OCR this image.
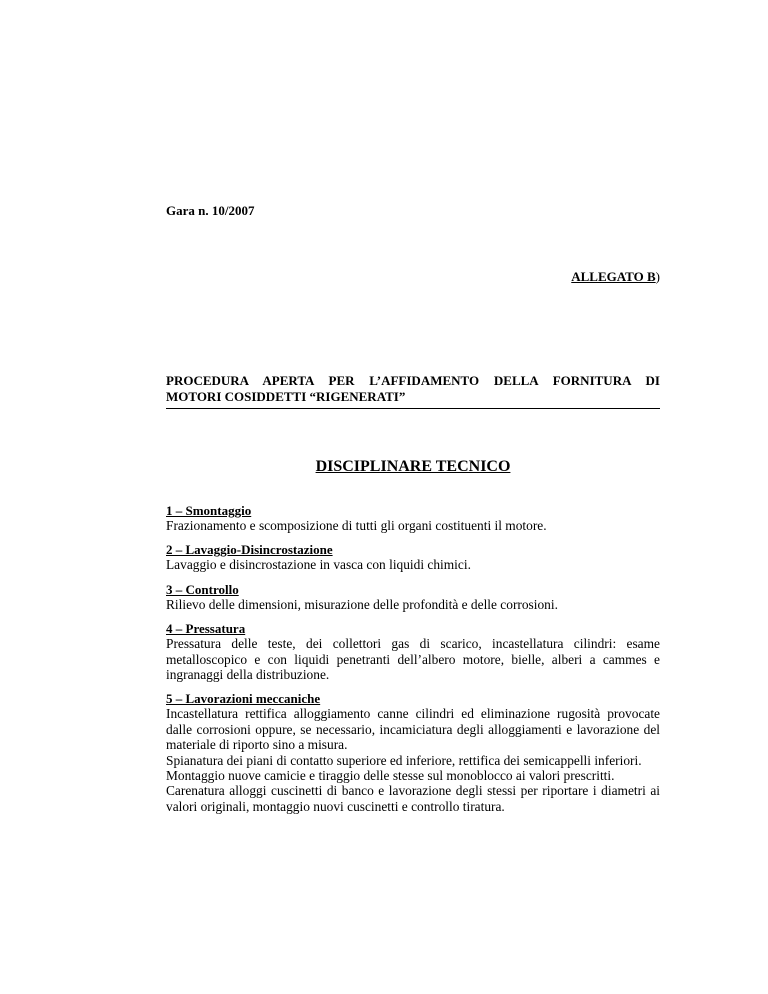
Gara n. 10/2007

ALLEGATO B)

PROCEDURA APERTA PER L’AFFIDAMENTO DELLA FORNITURA DI
MOTORI COSIDDETTI “RIGENERATI”

DISCIPLINARE TECNICO
1 – Smontaggio

Frazionamento e scomposizione di tutti gli organi costituenti il motore.

2 – Lavaggio-Disincrostazione

Lavaggio e disincrostazione in vasca con liquidi chimici.

3 – Controllo

Rilievo delle dimensioni, misurazione delle profondità e delle corrosioni.

4 – Pressatura

Pressatura delle teste, dei collettori gas di scarico, incastellatura cilindri: esame metalloscopico e con liquidi penetranti dell’albero motore, bielle, alberi a cammes e ingranaggi della distribuzione.

5 – Lavorazioni meccaniche

Incastellatura rettifica alloggiamento canne cilindri ed eliminazione rugosità provocate dalle corrosioni oppure, se necessario, incamiciatura degli alloggiamenti e lavorazione del materiale di riporto sino a misura.

Spianatura dei piani di contatto superiore ed inferiore, rettifica dei semicappelli inferiori.

Montaggio nuove camicie e tiraggio delle stesse sul monoblocco ai valori prescritti.

Carenatura alloggi cuscinetti di banco e lavorazione degli stessi per riportare i diametri ai valori originali, montaggio nuovi cuscinetti e controllo tiratura.
